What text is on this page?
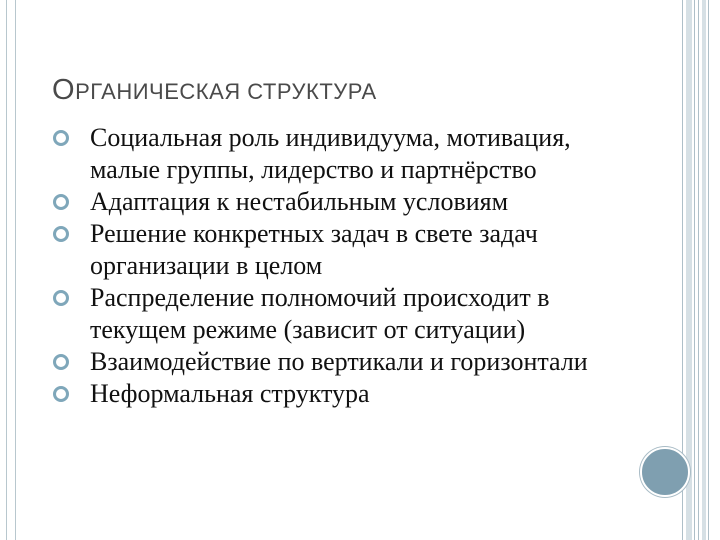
ОРГАНИЧЕСКАЯ СТРУКТУРА
Социальная роль индивидуума, мотивация, малые группы, лидерство и партнёрство
Адаптация к нестабильным условиям
Решение конкретных задач в свете задач организации в целом
Распределение полномочий происходит в текущем режиме (зависит от ситуации)
Взаимодействие по вертикали и горизонтали
Неформальная структура
